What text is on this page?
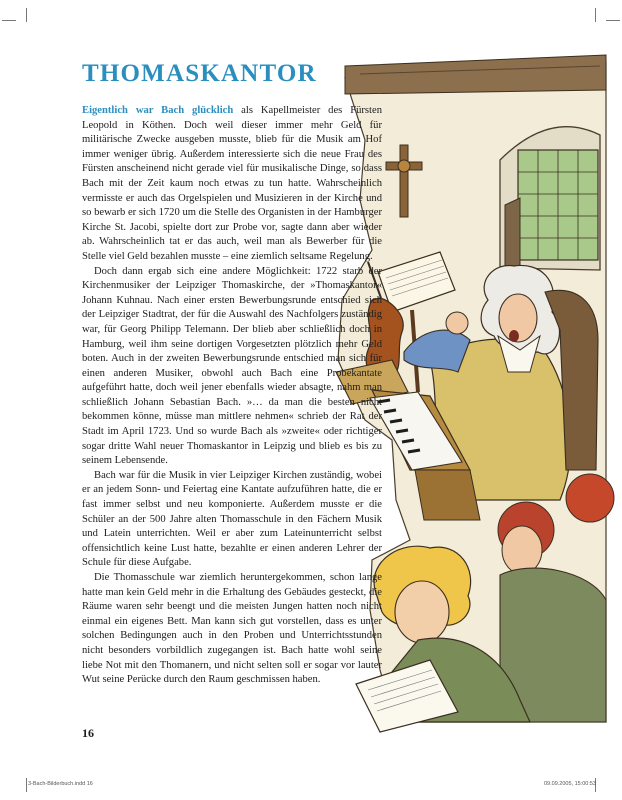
THOMASKANTOR

Eigentlich war Bach glücklich als Kapellmeister des Fürsten Leopold in Köthen. Doch weil dieser immer mehr Geld für militärische Zwecke ausgeben musste, blieb für die Musik am Hof immer weniger übrig. Außerdem interessierte sich die neue Frau des Fürsten anscheinend nicht gerade viel für musikalische Dinge, so dass Bach mit der Zeit kaum noch etwas zu tun hatte. Wahrscheinlich vermisste er auch das Orgelspielen und Musizieren in der Kirche und so bewarb er sich 1720 um die Stelle des Organisten in der Hamburger Kirche St. Jacobi, spielte dort zur Probe vor, sagte dann aber wieder ab. Wahrscheinlich tat er das auch, weil man als Bewerber für die Stelle viel Geld bezahlen musste – eine ziemlich seltsame Regelung.

Doch dann ergab sich eine andere Möglichkeit: 1722 starb der Kirchenmusiker der Leipziger Thomaskirche, der »Thomaskantor« Johann Kuhnau. Nach einer ersten Bewerbungsrunde entschied sich der Leipziger Stadtrat, der für die Auswahl des Nachfolgers zuständig war, für Georg Philipp Telemann. Der blieb aber schließlich doch in Hamburg, weil ihm seine dortigen Vorgesetzten plötzlich mehr Geld boten. Auch in der zweiten Bewerbungsrunde entschied man sich für einen anderen Musiker, obwohl auch Bach eine Probekantate aufgeführt hatte, doch weil jener ebenfalls wieder absagte, nahm man schließlich Johann Sebastian Bach. »… da man die besten nicht bekommen könne, müsse man mittlere nehmen« schrieb der Rat der Stadt im April 1723. Und so wurde Bach als »zweite« oder richtiger sogar dritte Wahl neuer Thomaskantor in Leipzig und blieb es bis zu seinem Lebensende.

Bach war für die Musik in vier Leipziger Kirchen zuständig, wobei er an jedem Sonn- und Feiertag eine Kantate aufzuführen hatte, die er fast immer selbst und neu komponierte. Außerdem musste er die Schüler an der 500 Jahre alten Thomasschule in den Fächern Musik und Latein unterrichten. Weil er aber zum Lateinunterricht selbst offensichtlich keine Lust hatte, bezahlte er einen anderen Lehrer der Schule für diese Aufgabe.

Die Thomasschule war ziemlich heruntergekommen, schon lange hatte man kein Geld mehr in die Erhaltung des Gebäudes gesteckt, die Räume waren sehr beengt und die meisten Jungen hatten noch nicht einmal ein eigenes Bett. Man kann sich gut vorstellen, dass es unter solchen Bedingungen auch in den Proben und Unterrichtsstunden nicht besonders vorbildlich zugegangen ist. Bach hatte wohl seine liebe Not mit den Thomanern, und nicht selten soll er sogar vor lauter Wut seine Perücke durch den Raum geschmissen haben.

16
3-Bach-Bilderbuch.indd 16	09.09.2005, 15:00:53
